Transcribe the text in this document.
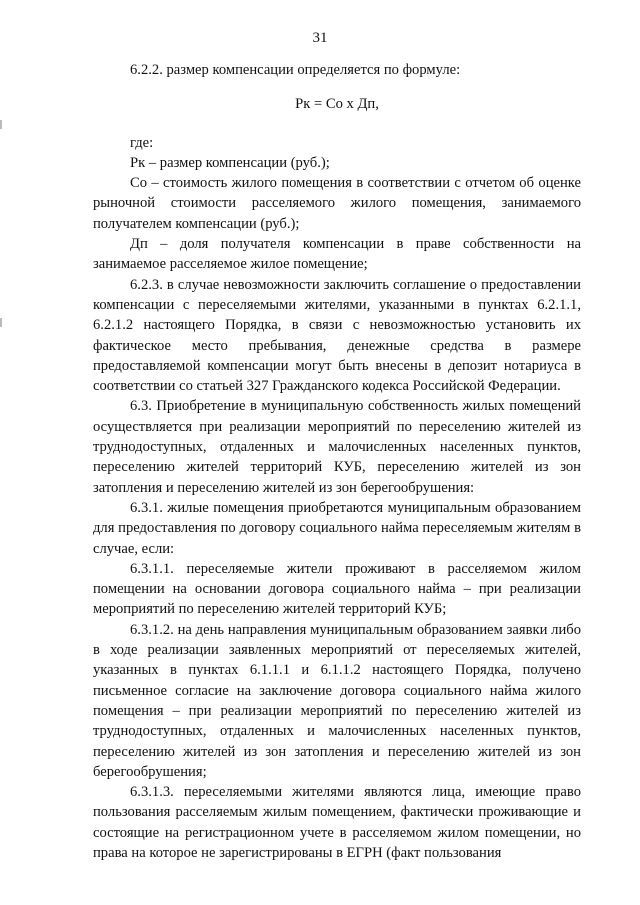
31

6.2.2. размер компенсации определяется по формуле:

Рк = Со х Дп,

где:

Рк – размер компенсации (руб.);

Со – стоимость жилого помещения в соответствии с отчетом об оценке рыночной стоимости расселяемого жилого помещения, занимаемого получателем компенсации (руб.);

Дп – доля получателя компенсации в праве собственности на занимаемое расселяемое жилое помещение;

6.2.3. в случае невозможности заключить соглашение о предоставлении компенсации с переселяемыми жителями, указанными в пунктах 6.2.1.1, 6.2.1.2 настоящего Порядка, в связи с невозможностью установить их фактическое место пребывания, денежные средства в размере предоставляемой компенсации могут быть внесены в депозит нотариуса в соответствии со статьей 327 Гражданского кодекса Российской Федерации.

6.3. Приобретение в муниципальную собственность жилых помещений осуществляется при реализации мероприятий по переселению жителей из труднодоступных, отдаленных и малочисленных населенных пунктов, переселению жителей территорий КУБ, переселению жителей из зон затопления и переселению жителей из зон берегообрушения:

6.3.1. жилые помещения приобретаются муниципальным образованием для предоставления по договору социального найма переселяемым жителям в случае, если:

6.3.1.1. переселяемые жители проживают в расселяемом жилом помещении на основании договора социального найма – при реализации мероприятий по переселению жителей территорий КУБ;

6.3.1.2. на день направления муниципальным образованием заявки либо в ходе реализации заявленных мероприятий от переселяемых жителей, указанных в пунктах 6.1.1.1 и 6.1.1.2 настоящего Порядка, получено письменное согласие на заключение договора социального найма жилого помещения – при реализации мероприятий по переселению жителей из труднодоступных, отдаленных и малочисленных населенных пунктов, переселению жителей из зон затопления и переселению жителей из зон берегообрушения;

6.3.1.3. переселяемыми жителями являются лица, имеющие право пользования расселяемым жилым помещением, фактически проживающие и состоящие на регистрационном учете в расселяемом жилом помещении, но права на которое не зарегистрированы в ЕГРН (факт пользования
